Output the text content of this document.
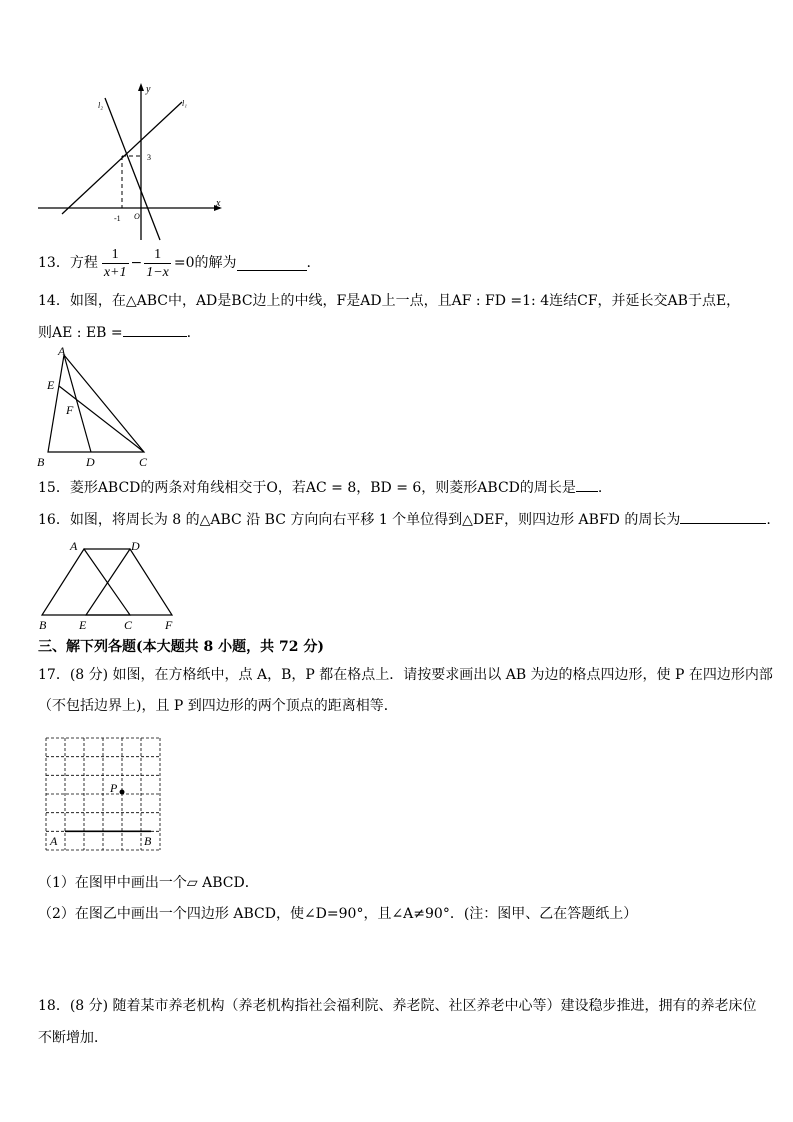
y
x
l₁
l₂
O
3
-1
13．方程 $\frac{1}{x+1} - \frac{1}{1-x} =0$ 的解为	.
14．如图，在△ABC中，AD是BC边上的中线，F是AD上一点，且AF : FD =1: 4连结CF，并延长交AB于点E，
则AE : EB =	.
A
E
F
B	D	C
15．菱形ABCD的两条对角线相交于O，若AC = 8，BD = 6，则菱形ABCD的周长是 .
16．如图，将周长为 8 的△ABC 沿 BC 方向向右平移 1 个单位得到△DEF，则四边形 ABFD 的周长为	.
A	D
B	E	C	F
三、解下列各题(本大题共 8 小题，共 72 分)
17．(8 分) 如图，在方格纸中，点 A，B，P 都在格点上．请按要求画出以 AB 为边的格点四边形，使 P 在四边形内部
（不包括边界上)，且 P 到四边形的两个顶点的距离相等．
P
A	B
（1）在图甲中画出一个▱ ABCD．
（2）在图乙中画出一个四边形 ABCD，使∠D=90°，且∠A≠90°．(注：图甲、乙在答题纸上）
18．(8 分) 随着某市养老机构（养老机构指社会福利院、养老院、社区养老中心等）建设稳步推进，拥有的养老床位
不断增加．
